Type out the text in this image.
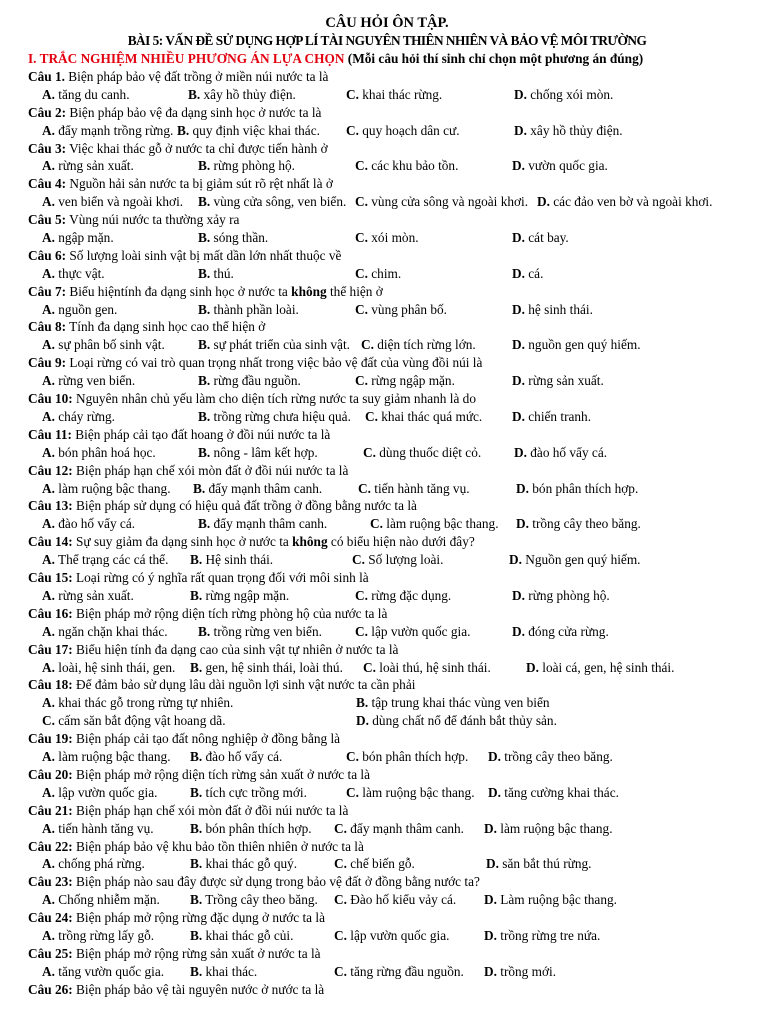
CÂU HỎI ÔN TẬP.
BÀI 5: VẤN ĐỀ SỬ DỤNG HỢP LÍ TÀI NGUYÊN THIÊN NHIÊN VÀ BẢO VỆ MÔI TRƯỜNG
I. TRẮC NGHIỆM NHIỀU PHƯƠNG ÁN LỰA CHỌN (Mỗi câu hỏi thí sinh chỉ chọn một phương án đúng)
Câu 1. Biện pháp bảo vệ đất trồng ở miền núi nước ta là
A. tăng du canh.	B. xây hồ thủy điện.	C. khai thác rừng.	D. chống xói mòn.
Câu 2: Biện pháp bảo vệ đa dạng sinh học ở nước ta là
A. đẩy mạnh trồng rừng. B. quy định việc khai thác. C. quy hoạch dân cư.	D. xây hồ thủy điện.
Câu 3: Việc khai thác gỗ ở nước ta chỉ được tiến hành ở
A. rừng sản xuất.	B. rừng phòng hộ.	C. các khu bảo tồn.	D. vườn quốc gia.
Câu 4: Nguồn hải sản nước ta bị giảm sút rõ rệt nhất là ở
A. ven biển và ngoài khơi. B. vùng cửa sông, ven biển. C. vùng cửa sông và ngoài khơi. D. các đảo ven bờ và ngoài khơi.
Câu 5: Vùng núi nước ta thường xảy ra
A. ngập mặn.	B. sóng thần.	C. xói mòn.	D. cát bay.
Câu 6: Số lượng loài sinh vật bị mất dần lớn nhất thuộc về
A. thực vật.	B. thú.	C. chim.	D. cá.
Câu 7: Biểu hiệntính đa dạng sinh học ở nước ta không thể hiện ở
A. nguồn gen.	B. thành phần loài.	C. vùng phân bố.	D. hệ sinh thái.
Câu 8: Tính đa dạng sinh học cao thể hiện ở
A. sự phân bố sinh vật. B. sự phát triển của sinh vật. C. diện tích rừng lớn.	D. nguồn gen quý hiếm.
Câu 9: Loại rừng có vai trò quan trọng nhất trong việc bảo vệ đất của vùng đồi núi là
A. rừng ven biển.	B. rừng đầu nguồn.	C. rừng ngập mặn.	D. rừng sản xuất.
Câu 10: Nguyên nhân chủ yếu làm cho diện tích rừng nước ta suy giảm nhanh là do
A. cháy rừng.	B. trồng rừng chưa hiệu quả. C. khai thác quá mức. D. chiến tranh.
Câu 11: Biện pháp cải tạo đất hoang ở đồi núi nước ta là
A. bón phân hoá học.	B. nông - lâm kết hợp.	C. dùng thuốc diệt cỏ. D. đào hố vẩy cá.
Câu 12: Biện pháp hạn chế xói mòn đất ở đồi núi nước ta là
A. làm ruộng bậc thang. B. đẩy mạnh thâm canh.	C. tiến hành tăng vụ.	D. bón phân thích hợp.
Câu 13: Biện pháp sử dụng có hiệu quả đất trồng ở đồng bằng nước ta là
A. đào hố vẩy cá.	B. đẩy mạnh thâm canh.	C. làm ruộng bậc thang. D. trồng cây theo băng.
Câu 14: Sự suy giảm đa dạng sinh học ở nước ta không có biểu hiện nào dưới đây?
A. Thể trạng các cá thể. B. Hệ sinh thái.	C. Số lượng loài.	D. Nguồn gen quý hiếm.
Câu 15: Loại rừng có ý nghĩa rất quan trọng đối với môi sinh là
A. rừng sản xuất.	B. rừng ngập mặn.	C. rừng đặc dụng.	D. rừng phòng hộ.
Câu 16: Biện pháp mở rộng diện tích rừng phòng hộ của nước ta là
A. ngăn chặn khai thác. B. trồng rừng ven biển. C. lập vườn quốc gia.	D. đóng cửa rừng.
Câu 17: Biểu hiện tính đa dạng cao của sinh vật tự nhiên ở nước ta là
A. loài, hệ sinh thái, gen. B. gen, hệ sinh thái, loài thú. C. loài thú, hệ sinh thái.	D. loài cá, gen, hệ sinh thái.
Câu 18: Để đảm bảo sử dụng lâu dài nguồn lợi sinh vật nước ta cần phải
A. khai thác gỗ trong rừng tự nhiên.	B. tập trung khai thác vùng ven biển
C. cấm săn bắt động vật hoang dã.	D. dùng chất nổ để đánh bắt thủy sản.
Câu 19: Biện pháp cải tạo đất nông nghiệp ở đồng bằng là
A. làm ruộng bậc thang. B. đào hố vẩy cá.	C. bón phân thích hợp. D. trồng cây theo băng.
Câu 20: Biện pháp mở rộng diện tích rừng sản xuất ở nước ta là
A. lập vườn quốc gia. B. tích cực trồng mới.	C. làm ruộng bậc thang. D. tăng cường khai thác.
Câu 21: Biện pháp hạn chế xói mòn đất ở đồi núi nước ta là
A. tiến hành tăng vụ.	B. bón phân thích hợp. C. đẩy mạnh thâm canh. D. làm ruộng bậc thang.
Câu 22: Biện pháp bảo vệ khu bảo tồn thiên nhiên ở nước ta là
A. chống phá rừng.	B. khai thác gỗ quý.	C. chế biến gỗ.	D. săn bắt thú rừng.
Câu 23: Biện pháp nào sau đây được sử dụng trong bảo vệ đất ở đồng bằng nước ta?
A. Chống nhiễm mặn. B. Trồng cây theo băng. C. Đào hố kiểu vảy cá. D. Làm ruộng bậc thang.
Câu 24: Biện pháp mở rộng rừng đặc dụng ở nước ta là
A. trồng rừng lấy gỗ.	B. khai thác gỗ củi.	C. lập vườn quốc gia.	D. trồng rừng tre nứa.
Câu 25: Biện pháp mở rộng rừng sản xuất ở nước ta là
A. tăng vườn quốc gia. B. khai thác.	C. tăng rừng đầu nguồn. D. trồng mới.
Câu 26: Biện pháp bảo vệ tài nguyên nước ở nước ta là
